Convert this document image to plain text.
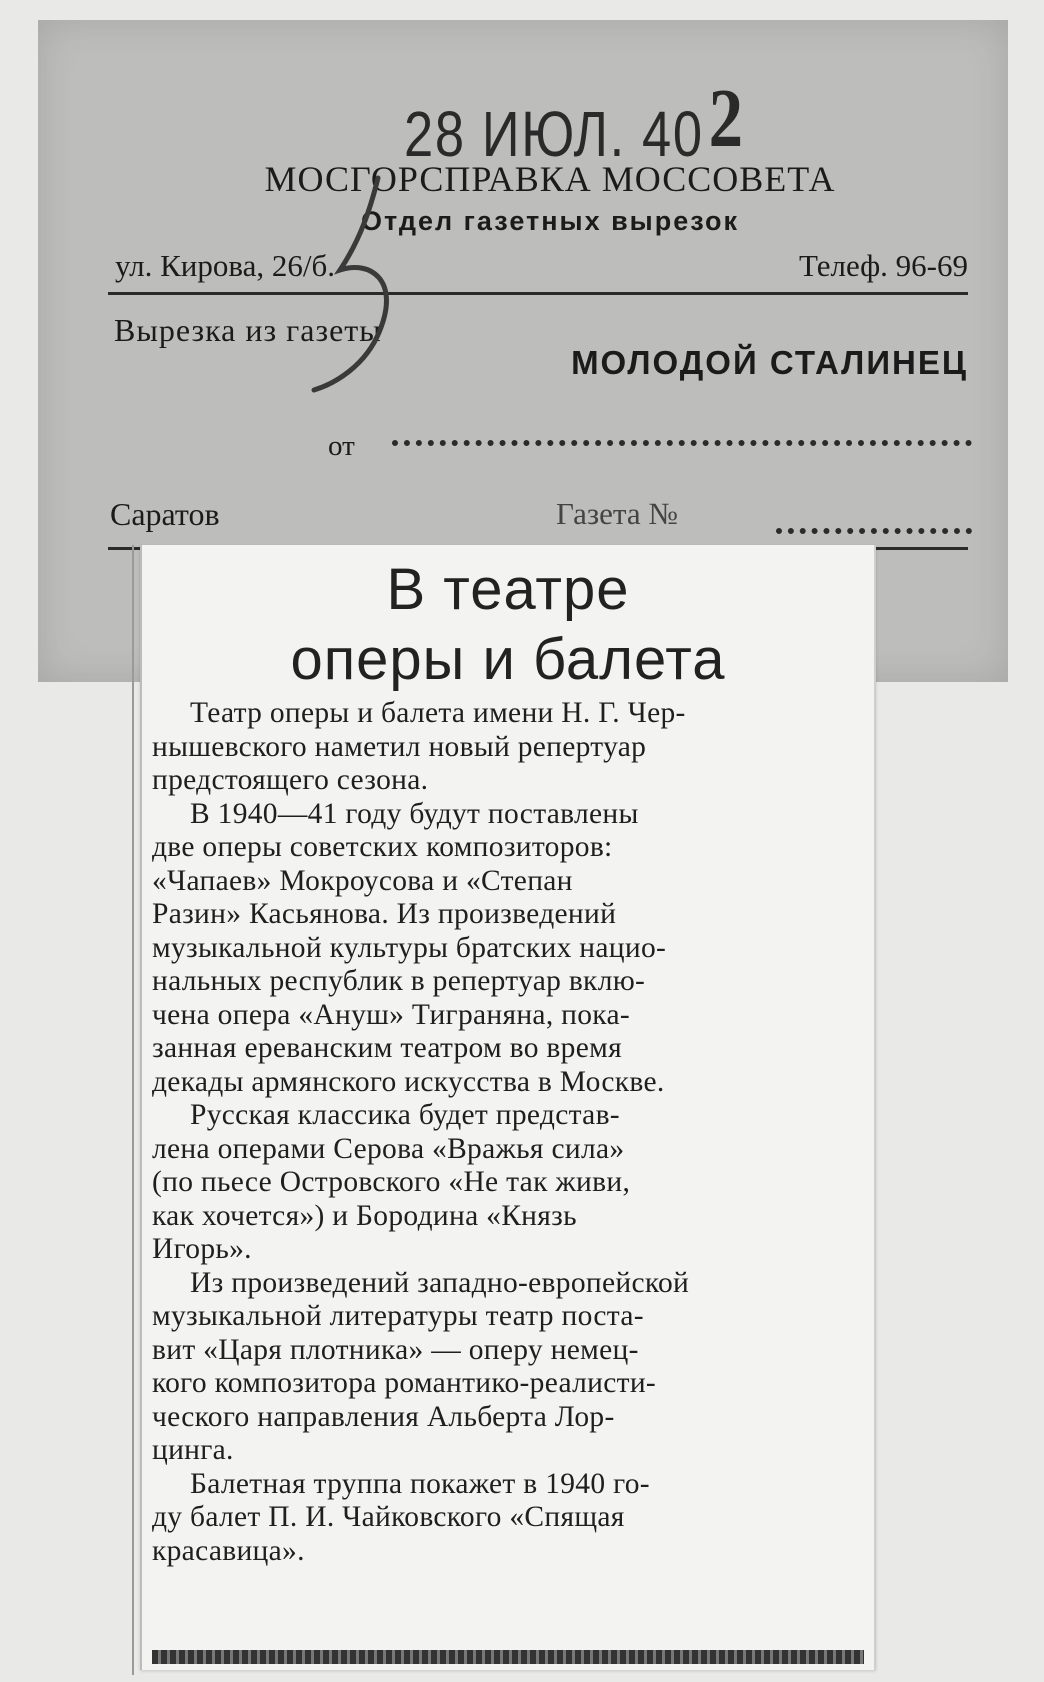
28 ИЮЛ. 402
МОСГОРСПРАВКА МОССОВЕТА
Отдел газетных вырезок
ул. Кирова, 26/б.	Телеф. 96-69
Вырезка из газеты
МОЛОДОЙ СТАЛИНЕЦ
от
Саратов	Газета №
В театре
оперы и балета

Театр оперы и балета имени Н. Г. Чер-
нышевского наметил новый репертуар
предстоящего сезона.

В 1940—41 году будут поставлены
две оперы советских композиторов:
«Чапаев» Мокроусова и «Степан
Разин» Касьянова. Из произведений
музыкальной культуры братских нацио-
нальных республик в репертуар вклю-
чена опера «Ануш» Тиграняна, пока-
занная ереванским театром во время
декады армянского искусства в Москве.

Русская классика будет представ-
лена операми Серова «Вражья сила»
(по пьесе Островского «Не так живи,
как хочется») и Бородина «Князь
Игорь».

Из произведений западно-европейской
музыкальной литературы театр поста-
вит «Царя плотника» — оперу немец-
кого композитора романтико-реалисти-
ческого направления Альберта Лор-
цинга.

Балетная труппа покажет в 1940 го-
ду балет П. И. Чайковского «Спящая
красавица».
